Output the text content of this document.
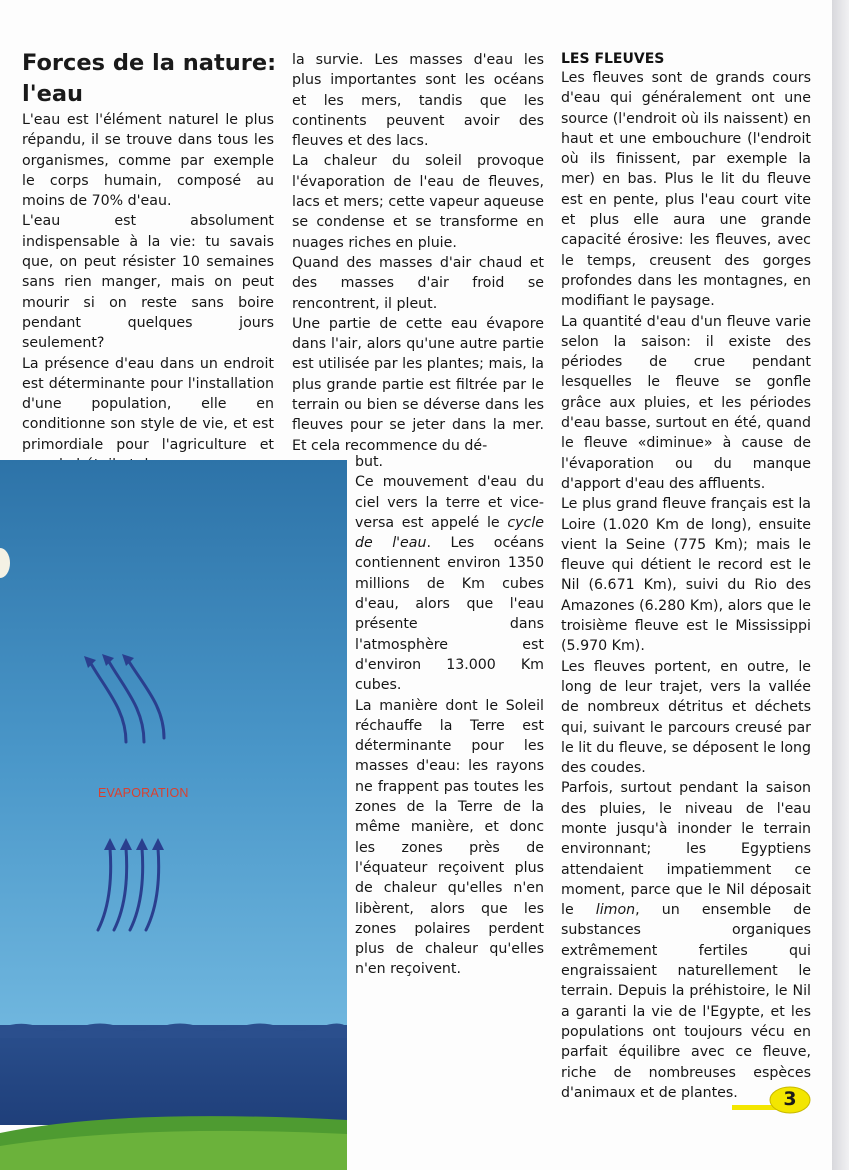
Forces de la nature:
l'eau

L'eau est l'élément naturel le plus répandu, il se trouve dans tous les organismes, comme par exemple le corps humain, composé au moins de 70% d'eau.

L'eau est absolument indispensable à la vie: tu savais que, on peut résister 10 semaines sans rien manger, mais on peut mourir si on reste sans boire pendant quelques jours seulement?

La présence d'eau dans un endroit est déterminante pour l'installation d'une population, elle en conditionne son style de vie, et est primordiale pour l'agriculture et

la survie. Les masses d'eau les plus importantes sont les océans et les mers, tandis que les continents peuvent avoir des fleuves et des lacs.

La chaleur du soleil provoque l'évaporation de l'eau de fleuves, lacs et mers; cette vapeur aqueuse se condense et se transforme en nuages riches en pluie.

Quand des masses d'air chaud et des masses d'air froid se rencontrent, il pleut.

Une partie de cette eau évapore dans l'air, alors qu'une autre partie est utilisée par les plantes; mais, la plus grande partie est filtrée par le terrain ou bien se déverse dans les fleuves pour se jeter dans la mer. Et cela recommence du dé-

EVAPORATION

but.

Ce mouvement d'eau du ciel vers la terre et vice-versa est appelé le cycle de l'eau. Les océans contiennent environ 1350 millions de Km cubes d'eau, alors que l'eau présente dans l'atmosphère est d'environ 13.000 Km cubes.

La manière dont le Soleil réchauffe la Terre est déterminante pour les masses d'eau: les rayons ne frappent pas toutes les zones de la Terre de la même manière, et donc les zones près de l'équateur reçoivent plus de chaleur qu'elles n'en libèrent, alors que les zones polaires perdent plus de chaleur qu'elles n'en reçoivent.

LES FLEUVES

Les fleuves sont de grands cours d'eau qui généralement ont une source (l'endroit où ils naissent) en haut et une embouchure (l'endroit où ils finissent, par exemple la mer) en bas. Plus le lit du fleuve est en pente, plus l'eau court vite et plus elle aura une grande capacité érosive: les fleuves, avec le temps, creusent des gorges profondes dans les montagnes, en modifiant le paysage.

La quantité d'eau d'un fleuve varie selon la saison: il existe des périodes de crue pendant lesquelles le fleuve se gonfle grâce aux pluies, et les périodes d'eau basse, surtout en été, quand le fleuve «diminue» à cause de l'évaporation ou du manque d'apport d'eau des affluents.

Le plus grand fleuve français est la Loire (1.020 Km de long), ensuite vient la Seine (775 Km); mais le fleuve qui détient le record est le Nil (6.671 Km), suivi du Rio des Amazones (6.280 Km), alors que le troisième fleuve est le Mississippi (5.970 Km).

Les fleuves portent, en outre, le long de leur trajet, vers la vallée de nombreux détritus et déchets qui, suivant le parcours creusé par le lit du fleuve, se déposent le long des coudes.

Parfois, surtout pendant la saison des pluies, le niveau de l'eau monte jusqu'à inonder le terrain environnant; les Egyptiens attendaient impatiemment ce moment, parce que le Nil déposait le limon, un ensemble de substances organiques extrêmement fertiles qui engraissaient naturellement le terrain. Depuis la préhistoire, le Nil a garanti la vie de l'Egypte, et les populations ont toujours vécu en parfait équilibre avec ce fleuve, riche de nombreuses espèces d'animaux et de plantes.	3
